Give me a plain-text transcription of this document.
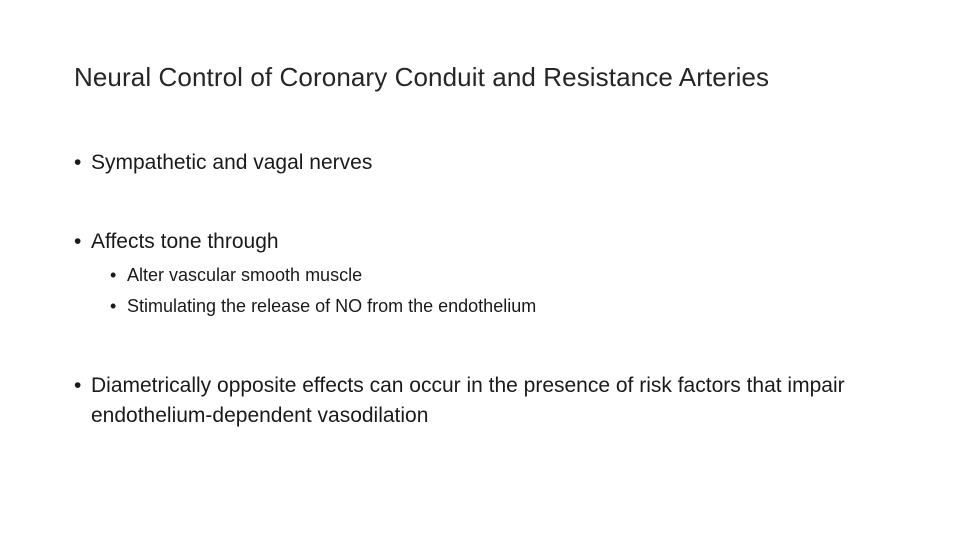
Neural Control of Coronary Conduit and Resistance Arteries
• Sympathetic and vagal nerves
• Affects tone through
• Alter vascular smooth muscle
• Stimulating the release of NO from the endothelium
• Diametrically opposite effects can occur in the presence of risk factors that impair endothelium-dependent vasodilation
